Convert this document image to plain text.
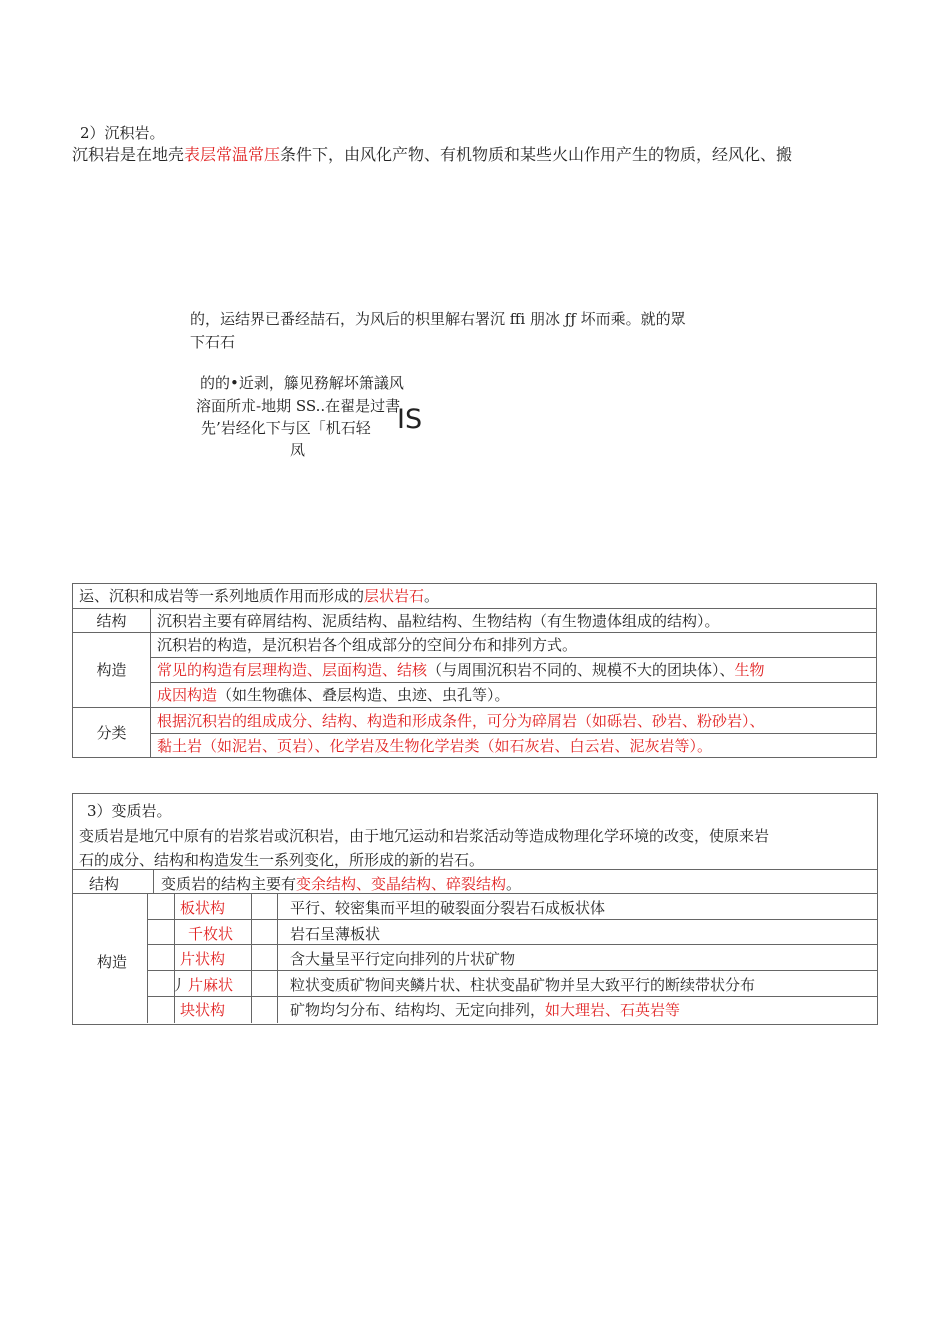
2）沉积岩。
沉积岩是在地壳表层常温常压条件下，由风化产物、有机物质和某些火山作用产生的物质，经风化、搬
的，运结界已番经喆石，为风后的枳里解右署沉 ffi 朋冰 ƒƒ 坏而乘。就的眾
下石石
的的•近剥，籐见務解坏箫議风
溶面所朮-地期 SS..在翟是过書
先’岩经化下与区「机石轻 IS
凤
运、沉积和成岩等一系列地质作用而形成的层状岩石。	
结构	沉积岩主要有碎屑结构、泥质结构、晶粒结构、生物结构（有生物遗体组成的结构）。
构造	沉积岩的构造，是沉积岩各个组成部分的空间分布和排列方式。
	常见的构造有层理构造、层面构造、结核（与周围沉积岩不同的、规模不大的团块体）、生物
	成因构造（如生物礁体、叠层构造、虫迹、虫孔等）。
分类	根据沉积岩的组成成分、结构、构造和形成条件，可分为碎屑岩（如砾岩、砂岩、粉砂岩）、
	黏土岩（如泥岩、页岩）、化学岩及生物化学岩类（如石灰岩、白云岩、泥灰岩等）。
3）变质岩。
变质岩是地冗中原有的岩浆岩或沉积岩，由于地冗运动和岩浆活动等造成物理化学环境的改变，使原来岩
石的成分、结构和构造发生一系列变化，所形成的新的岩石。
结构	变质岩的结构主要有变余结构、变晶结构、碎裂结构。
构造
板状构	平行、较密集而平坦的破裂面分裂岩石成板状体
千枚状	岩石呈薄板状
片状构	含大量呈平行定向排列的片状矿物
丿 片麻状	粒状变质矿物间夹鳞片状、柱状变晶矿物并呈大致平行的断续带状分布
块状构	矿物均匀分布、结构均、无定向排列，如大理岩、石英岩等
